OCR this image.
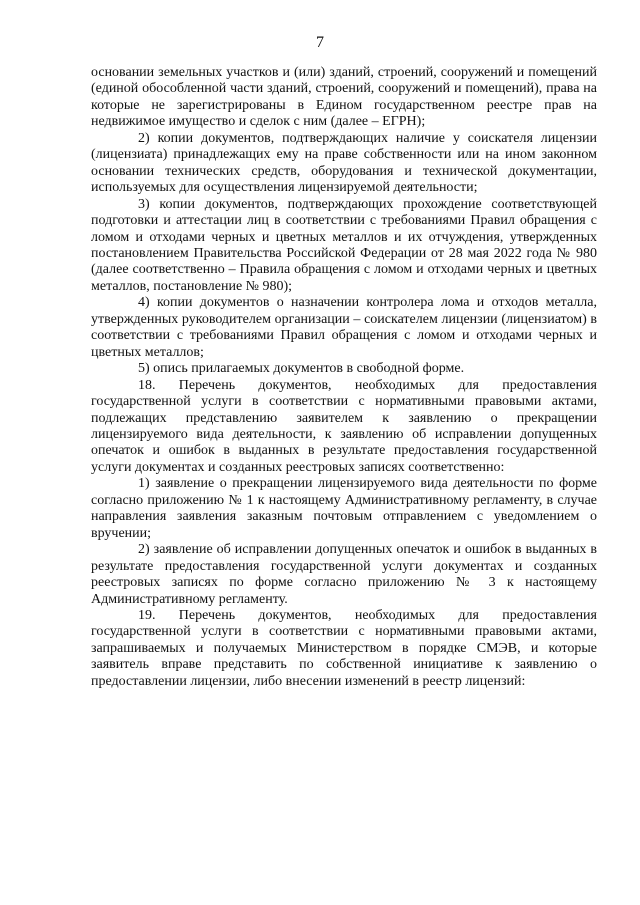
7

основании земельных участков и (или) зданий, строений, сооружений и помещений (единой обособленной части зданий, строений, сооружений и помещений), права на которые не зарегистрированы в Едином государственном реестре прав на недвижимое имущество и сделок с ним (далее – ЕГРН);

2) копии документов, подтверждающих наличие у соискателя лицензии (лицензиата) принадлежащих ему на праве собственности или на ином законном основании технических средств, оборудования и технической документации, используемых для осуществления лицензируемой деятельности;

3) копии документов, подтверждающих прохождение соответствующей подготовки и аттестации лиц в соответствии с требованиями Правил обращения с ломом и отходами черных и цветных металлов и их отчуждения, утвержденных постановлением Правительства Российской Федерации от 28 мая 2022 года № 980 (далее соответственно – Правила обращения с ломом и отходами черных и цветных металлов, постановление № 980);

4) копии документов о назначении контролера лома и отходов металла, утвержденных руководителем организации – соискателем лицензии (лицензиатом) в соответствии с требованиями Правил обращения с ломом и отходами черных и цветных металлов;

5) опись прилагаемых документов в свободной форме.

18. Перечень документов, необходимых для предоставления государственной услуги в соответствии с нормативными правовыми актами, подлежащих представлению заявителем к заявлению о прекращении лицензируемого вида деятельности, к заявлению об исправлении допущенных опечаток и ошибок в выданных в результате предоставления государственной услуги документах и созданных реестровых записях соответственно:

1) заявление о прекращении лицензируемого вида деятельности по форме согласно приложению № 1 к настоящему Административному регламенту, в случае направления заявления заказным почтовым отправлением с уведомлением о вручении;

2) заявление об исправлении допущенных опечаток и ошибок в выданных в результате предоставления государственной услуги документах и созданных реестровых записях по форме согласно приложению № 3 к настоящему Административному регламенту.

19. Перечень документов, необходимых для предоставления государственной услуги в соответствии с нормативными правовыми актами, запрашиваемых и получаемых Министерством в порядке СМЭВ, и которые заявитель вправе представить по собственной инициативе к заявлению о предоставлении лицензии, либо внесении изменений в реестр лицензий:
